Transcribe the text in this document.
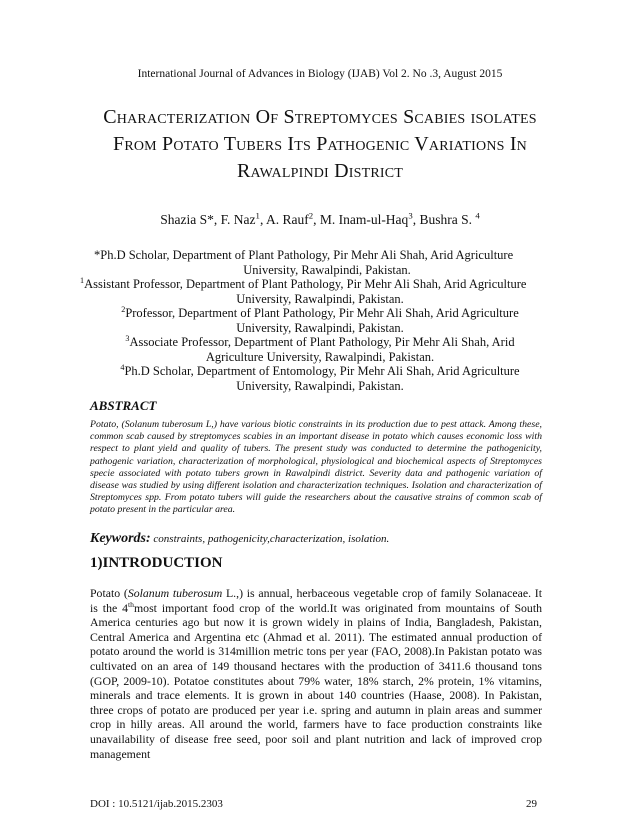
International Journal of Advances in Biology (IJAB) Vol 2. No .3, August 2015
Characterization Of Streptomyces Scabies isolates From Potato Tubers Its Pathogenic Variations In Rawalpindi District
Shazia S*, F. Naz$^1$, A. Rauf$^2$, M. Inam-ul-Haq$^3$, Bushra S. $^4$

*Ph.D Scholar, Department of Plant Pathology, Pir Mehr Ali Shah, Arid Agriculture
University, Rawalpindi, Pakistan.

$^1$Assistant Professor, Department of Plant Pathology, Pir Mehr Ali Shah, Arid Agriculture
University, Rawalpindi, Pakistan.

$^2$Professor, Department of Plant Pathology, Pir Mehr Ali Shah, Arid Agriculture
University, Rawalpindi, Pakistan.

$^3$Associate Professor, Department of Plant Pathology, Pir Mehr Ali Shah, Arid
Agriculture University, Rawalpindi, Pakistan.

$^4$Ph.D Scholar, Department of Entomology, Pir Mehr Ali Shah, Arid Agriculture
University, Rawalpindi, Pakistan.

ABSTRACT

Potato, (Solanum tuberosum L,) have various biotic constraints in its production due to pest attack. Among these, common scab caused by streptomyces scabies in an important disease in potato which causes economic loss with respect to plant yield and quality of tubers. The present study was conducted to determine the pathogenicity, pathogenic variation, characterization of morphological, physiological and biochemical aspects of Streptomyces specie associated with potato tubers grown in Rawalpindi district. Severity data and pathogenic variation of disease was studied by using different isolation and characterization techniques. Isolation and characterization of Streptomyces spp. From potato tubers will guide the researchers about the causative strains of common scab of potato present in the particular area.

Keywords: constraints, pathogenicity,characterization, isolation.
1)INTRODUCTION

Potato (Solanum tuberosum L.,) is annual, herbaceous vegetable crop of family Solanaceae. It is the 4thmost important food crop of the world.It was originated from mountains of South America centuries ago but now it is grown widely in plains of India, Bangladesh, Pakistan, Central America and Argentina etc (Ahmad et al. 2011). The estimated annual production of potato around the world is 314million metric tons per year (FAO, 2008).In Pakistan potato was cultivated on an area of 149 thousand hectares with the production of 3411.6 thousand tons (GOP, 2009-10). Potatoe constitutes about 79% water, 18% starch, 2% protein, 1% vitamins, minerals and trace elements. It is grown in about 140 countries (Haase, 2008). In Pakistan, three crops of potato are produced per year i.e. spring and autumn in plain areas and summer crop in hilly areas. All around the world, farmers have to face production constraints like unavailability of disease free seed, poor soil and plant nutrition and lack of improved crop management

DOI : 10.5121/ijab.2015.2303	29
